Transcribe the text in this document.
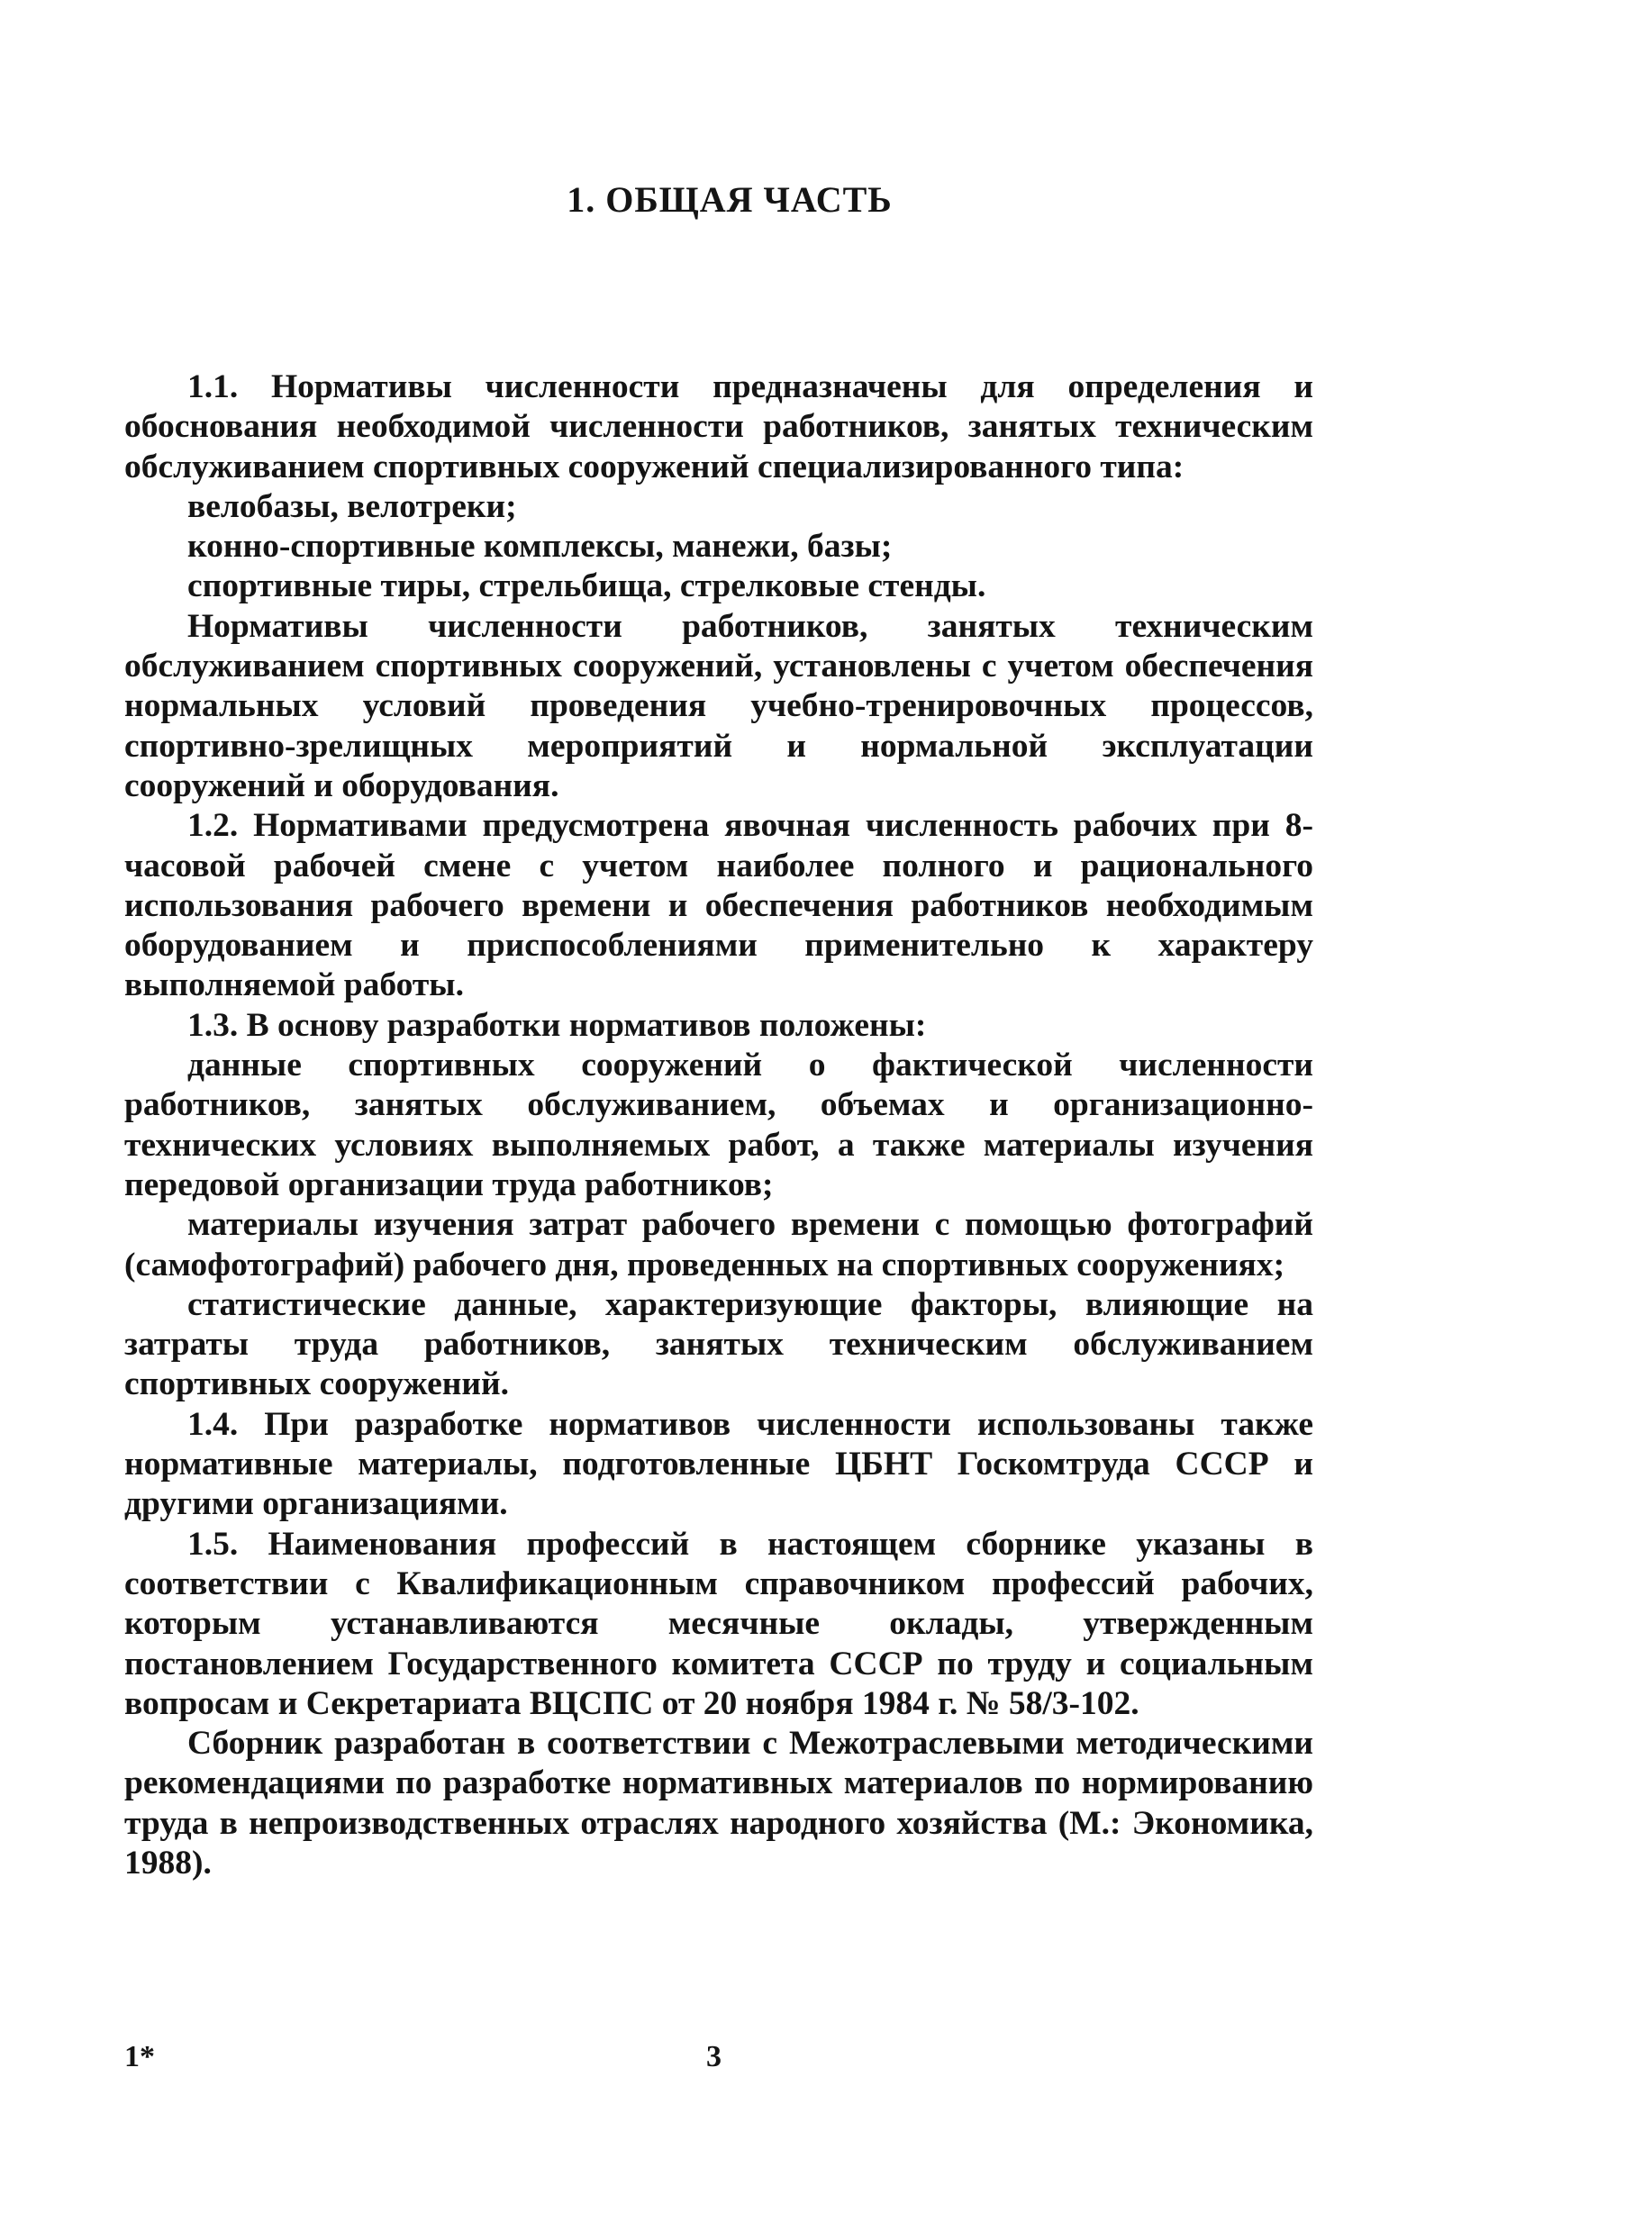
1. ОБЩАЯ ЧАСТЬ

1.1. Нормативы численности предназначены для определения и обоснования необходимой численности работников, занятых техническим обслуживанием спортивных сооружений специализированного типа:

велобазы, велотреки;

конно-спортивные комплексы, манежи, базы;

спортивные тиры, стрельбища, стрелковые стенды.

Нормативы численности работников, занятых техническим обслуживанием спортивных сооружений, установлены с учетом обеспечения нормальных условий проведения учебно-тренировочных процессов, спортивно-зрелищных мероприятий и нормальной эксплуатации сооружений и оборудования.

1.2. Нормативами предусмотрена явочная численность рабочих при 8-часовой рабочей смене с учетом наиболее полного и рационального использования рабочего времени и обеспечения работников необходимым оборудованием и приспособлениями применительно к характеру выполняемой работы.

1.3. В основу разработки нормативов положены:

данные спортивных сооружений о фактической численности работников, занятых обслуживанием, объемах и организационно-технических условиях выполняемых работ, а также материалы изучения передовой организации труда работников;

материалы изучения затрат рабочего времени с помощью фотографий (самофотографий) рабочего дня, проведенных на спортивных сооружениях;

статистические данные, характеризующие факторы, влияющие на затраты труда работников, занятых техническим обслуживанием спортивных сооружений.

1.4. При разработке нормативов численности использованы также нормативные материалы, подготовленные ЦБНТ Госкомтруда СССР и другими организациями.

1.5. Наименования профессий в настоящем сборнике указаны в соответствии с Квалификационным справочником профессий рабочих, которым устанавливаются месячные оклады, утвержденным постановлением Государственного комитета СССР по труду и социальным вопросам и Секретариата ВЦСПС от 20 ноября 1984 г. № 58/3-102.

Сборник разработан в соответствии с Межотраслевыми методическими рекомендациями по разработке нормативных материалов по нормированию труда в непроизводственных отраслях народного хозяйства (М.: Экономика, 1988).

1*	3
